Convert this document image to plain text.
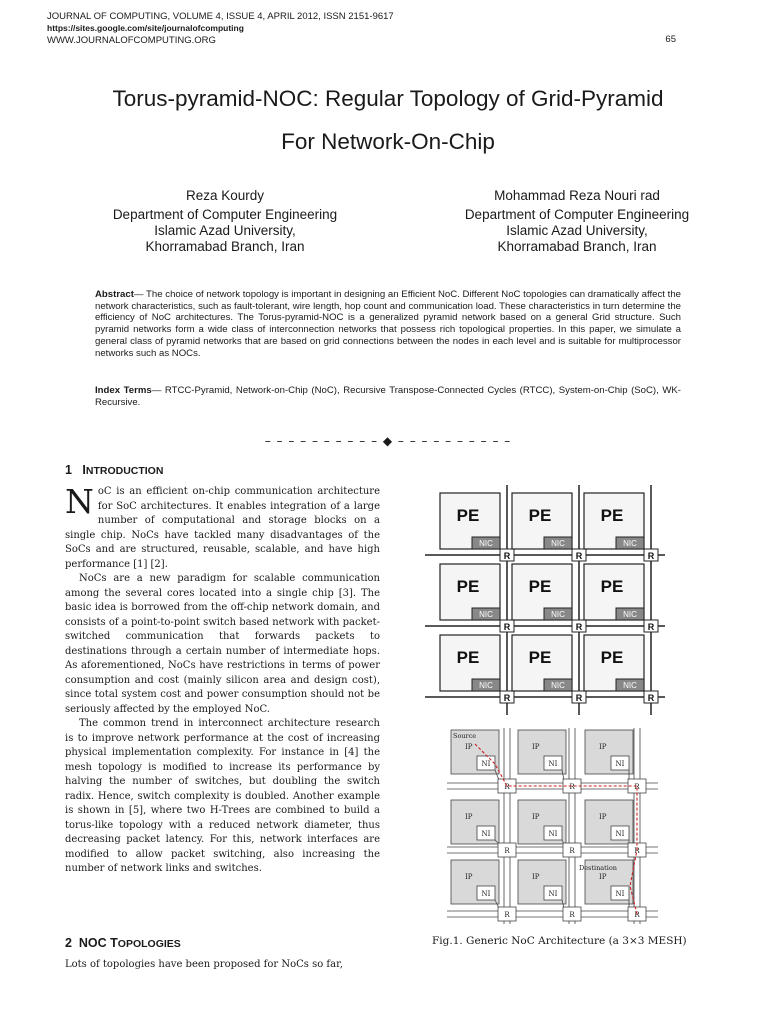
JOURNAL OF COMPUTING, VOLUME 4, ISSUE 4, APRIL 2012, ISSN 2151-9617
https://sites.google.com/site/journalofcomputing
WWW.JOURNALOFCOMPUTING.ORG	65
Torus-pyramid-NOC: Regular Topology of Grid-Pyramid
For Network-On-Chip
Reza Kourdy
Department of Computer Engineering
Islamic Azad University,
Khorramabad Branch, Iran
Mohammad Reza Nouri rad
Department of Computer Engineering
Islamic Azad University,
Khorramabad Branch, Iran
Abstract— The choice of network topology is important in designing an Efficient NoC. Different NoC topologies can dramatically affect the network characteristics, such as fault-tolerant, wire length, hop count and communication load. These characteristics in turn determine the efficiency of NoC architectures. The Torus-pyramid-NOC is a generalized pyramid network based on a general Grid structure. Such pyramid networks form a wide class of interconnection networks that possess rich topological properties. In this paper, we simulate a general class of pyramid networks that are based on grid connections between the nodes in each level and is suitable for multiprocessor networks such as NOCs.
Index Terms— RTCC-Pyramid, Network-on-Chip (NoC), Recursive Transpose-Connected Cycles (RTCC), System-on-Chip (SoC), WK-Recursive.
– – – – – – – – – – ◆ – – – – – – – – – –
1 INTRODUCTION

NoC is an efficient on-chip communication architecture for SoC architectures. It enables integration of a large number of computational and storage blocks on a single chip. NoCs have tackled many disadvantages of the SoCs and are structured, reusable, scalable, and have high performance [1] [2].

NoCs are a new paradigm for scalable communication among the several cores located into a single chip [3]. The basic idea is borrowed from the off-chip network domain, and consists of a point-to-point switch based network with packet-switched communication that forwards packets to destinations through a certain number of intermediate hops. As aforementioned, NoCs have restrictions in terms of power consumption and cost (mainly silicon area and design cost), since total system cost and power consumption should not be seriously affected by the employed NoC.

The common trend in interconnect architecture research is to improve network performance at the cost of increasing physical implementation complexity. For instance in [4] the mesh topology is modified to increase its performance by halving the number of switches, but doubling the switch radix. Hence, switch complexity is doubled. Another example is shown in [5], where two H-Trees are combined to build a torus-like topology with a reduced network diameter, thus decreasing packet latency. For this, network interfaces are modified to allow packet switching, also increasing the number of network links and switches.

2 NOC TOPOLOGIES

Lots of topologies have been proposed for NoCs so far,

PE
NIC
R
PE
NIC
R
PE
NIC
R
PE
NIC
R
PE
NIC
R
PE
NIC
R
PE
NIC
R
PE
NIC
R
PE
NIC
R
IP
NI
R
IP
NI
R
IP
NI
R
IP
NI
R
IP
NI
R
IP
NI
R
IP
NI
R
IP
NI
R
IP
NI
R
Source
Destination
Fig.1. Generic NoC Architecture (a 3×3 MESH)
